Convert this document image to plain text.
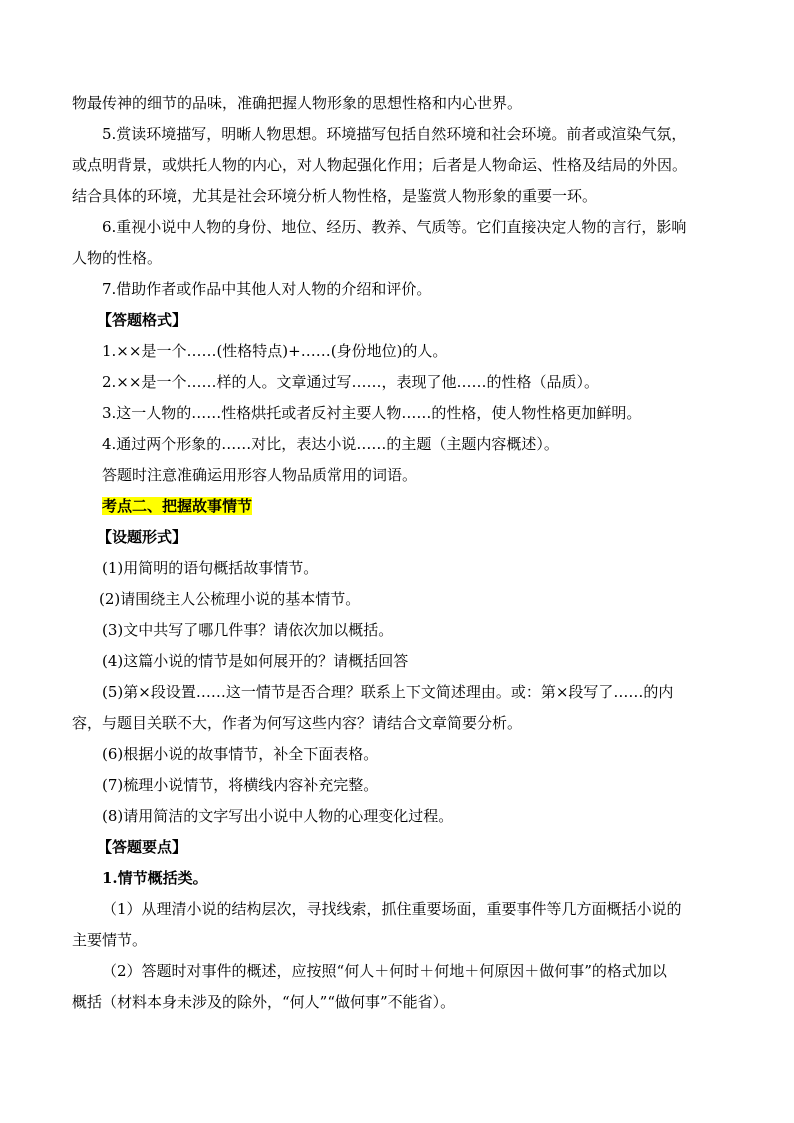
物最传神的细节的品味，准确把握人物形象的思想性格和内心世界。

5.赏读环境描写，明晰人物思想。环境描写包括自然环境和社会环境。前者或渲染气氛，

或点明背景，或烘托人物的内心，对人物起强化作用；后者是人物命运、性格及结局的外因。

结合具体的环境，尤其是社会环境分析人物性格，是鉴赏人物形象的重要一环。

6.重视小说中人物的身份、地位、经历、教养、气质等。它们直接决定人物的言行，影响

人物的性格。

7.借助作者或作品中其他人对人物的介绍和评价。

【答题格式】

1.××是一个……(性格特点)+……(身份地位)的人。

2.××是一个……样的人。文章通过写……，表现了他……的性格（品质）。

3.这一人物的……性格烘托或者反衬主要人物……的性格，使人物性格更加鲜明。

4.通过两个形象的……对比，表达小说……的主题（主题内容概述）。

答题时注意准确运用形容人物品质常用的词语。

考点二、把握故事情节

【设题形式】

(1)用简明的语句概括故事情节。

(2)请围绕主人公梳理小说的基本情节。

(3)文中共写了哪几件事？请依次加以概括。

(4)这篇小说的情节是如何展开的？请概括回答

(5)第×段设置……这一情节是否合理？联系上下文简述理由。或：第×段写了……的内

容，与题目关联不大，作者为何写这些内容？请结合文章简要分析。

(6)根据小说的故事情节，补全下面表格。

(7)梳理小说情节，将横线内容补充完整。

(8)请用简洁的文字写出小说中人物的心理变化过程。

【答题要点】

1.情节概括类。

（1）从理清小说的结构层次，寻找线索，抓住重要场面，重要事件等几方面概括小说的

主要情节。

（2）答题时对事件的概述，应按照“何人＋何时＋何地＋何原因＋做何事”的格式加以

概括（材料本身未涉及的除外，“何人”“做何事”不能省）。
